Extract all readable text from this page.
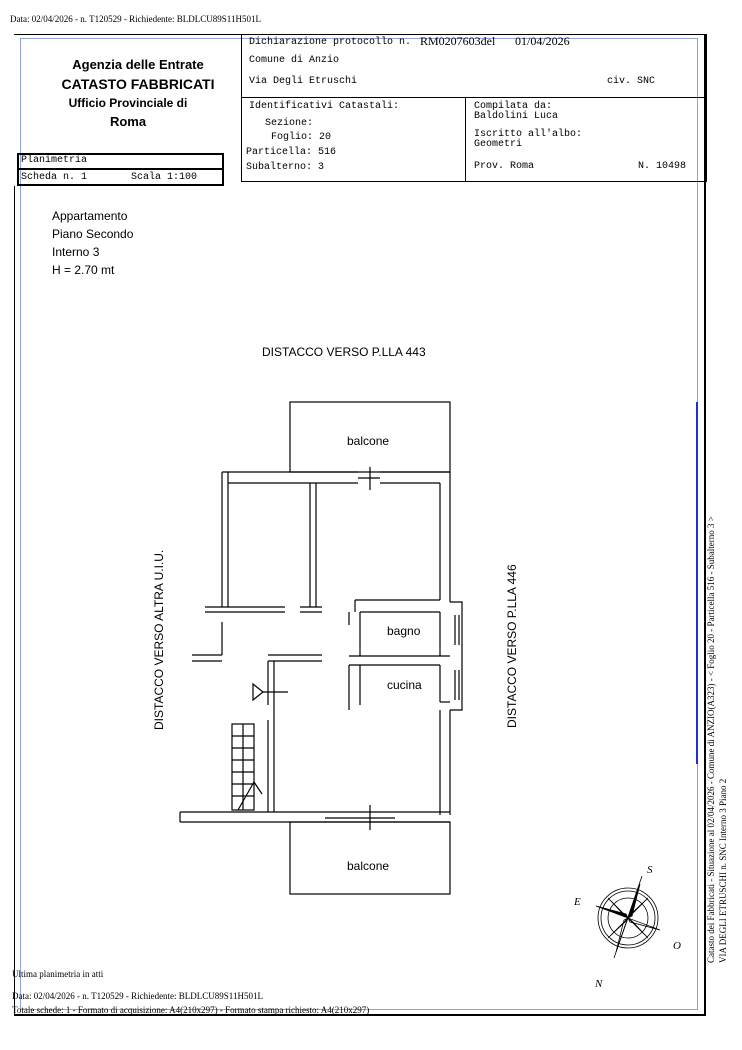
Data: 02/04/2026 - n. T120529 - Richiedente: BLDLCU89S11H501L
Agenzia delle Entrate
CATASTO FABBRICATI
Ufficio Provinciale di
Roma
Dichiarazione protocollo n. RM0207603del 01/04/2026
Comune di Anzio
Via Degli Etruschi	civ. SNC
Identificativi Catastali:
Sezione:
Foglio: 20
Particella: 516
Subalterno: 3
Compilata da:
Baldolini Luca
Iscritto all'albo:
Geometri
Prov. Roma	N. 10498
Planimetria
Scheda n. 1	Scala 1:100
Appartamento
Piano Secondo
Interno 3
H = 2.70 mt
DISTACCO VERSO P.LLA 443
DISTACCO VERSO ALTRA U.I.U.	DISTACCO VERSO P.LLA 446
balcone
bagno
cucina
balcone
N
S
E
O	Catasto dei Fabbricati - Situazione al 02/04/2026 - Comune di ANZIO(A323) - < Foglio 20 - Particella 516 - Subalterno 3 > VIA DEGLI ETRUSCHI n. SNC Interno 3 Piano 2
Ultima planimetria in atti
Data: 02/04/2026 - n. T120529 - Richiedente: BLDLCU89S11H501L
Totale schede: 1 - Formato di acquisizione: A4(210x297) - Formato stampa richiesto: A4(210x297)
